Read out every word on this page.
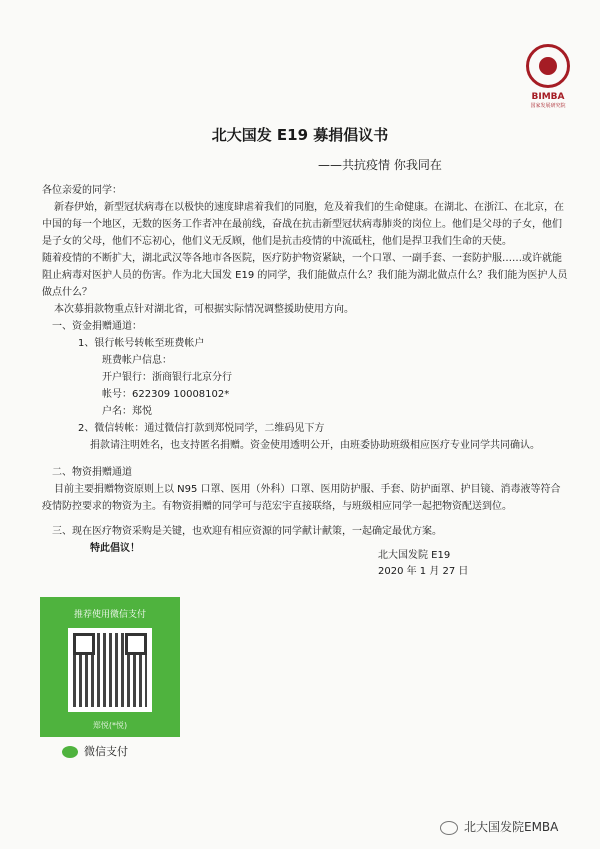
BIMBA
国家发展研究院
北大国发 E19 募捐倡议书
——共抗疫情 你我同在

各位亲爱的同学：

新春伊始，新型冠状病毒在以极快的速度肆虐着我们的同胞，危及着我们的生命健康。在湖北、在浙江、在北京，在中国的每一个地区，无数的医务工作者冲在最前线，奋战在抗击新型冠状病毒肺炎的岗位上。他们是父母的子女，他们是子女的父母，他们不忘初心，他们义无反顾，他们是抗击疫情的中流砥柱，他们是捍卫我们生命的天使。

随着疫情的不断扩大，湖北武汉等各地市各医院，医疗防护物资紧缺，一个口罩、一副手套、一套防护服……或许就能阻止病毒对医护人员的伤害。作为北大国发 E19 的同学，我们能做点什么？我们能为湖北做点什么？我们能为医护人员做点什么？

本次募捐款物重点针对湖北省，可根据实际情况调整援助使用方向。

一、资金捐赠通道：

1、银行帐号转帐至班费帐户

班费帐户信息：

开户银行：浙商银行北京分行

帐号：622309 10008102*

户名：郑悦

2、微信转帐：通过微信打款到郑悦同学，二维码见下方

捐款请注明姓名，也支持匿名捐赠。资金使用透明公开，由班委协助班级相应医疗专业同学共同确认。

二、物资捐赠通道

目前主要捐赠物资原则上以 N95 口罩、医用（外科）口罩、医用防护服、手套、防护面罩、护目镜、消毒液等符合疫情防控要求的物资为主。有物资捐赠的同学可与范宏宇直接联络，与班级相应同学一起把物资配送到位。

三、现在医疗物资采购是关键，也欢迎有相应资源的同学献计献策，一起确定最优方案。

特此倡议！

北大国发院 E19
2020 年 1 月 27 日
推荐使用微信支付
郑悦(*悦)
微信支付
北大国发院EMBA
